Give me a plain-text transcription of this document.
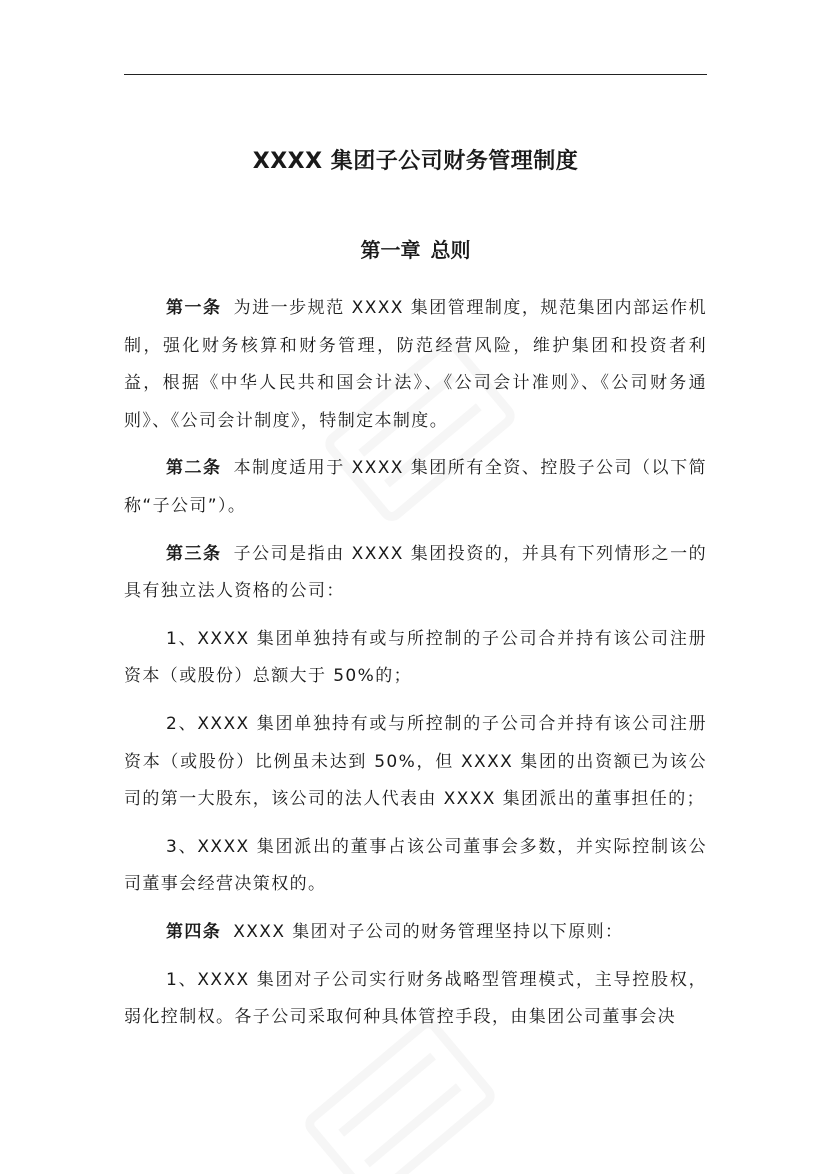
XXXX 集团子公司财务管理制度
第一章 总则

第一条 为进一步规范 XXXX 集团管理制度，规范集团内部运作机制，强化财务核算和财务管理，防范经营风险，维护集团和投资者利益，根据《中华人民共和国会计法》、《公司会计准则》、《公司财务通则》、《公司会计制度》，特制定本制度。

第二条 本制度适用于 XXXX 集团所有全资、控股子公司（以下简称“子公司”）。

第三条 子公司是指由 XXXX 集团投资的，并具有下列情形之一的具有独立法人资格的公司：

1、XXXX 集团单独持有或与所控制的子公司合并持有该公司注册资本（或股份）总额大于 50%的；

2、XXXX 集团单独持有或与所控制的子公司合并持有该公司注册资本（或股份）比例虽未达到 50%，但 XXXX 集团的出资额已为该公司的第一大股东，该公司的法人代表由 XXXX 集团派出的董事担任的；

3、XXXX 集团派出的董事占该公司董事会多数，并实际控制该公司董事会经营决策权的。

第四条 XXXX 集团对子公司的财务管理坚持以下原则：

1、XXXX 集团对子公司实行财务战略型管理模式，主导控股权，弱化控制权。各子公司采取何种具体管控手段，由集团公司董事会决
